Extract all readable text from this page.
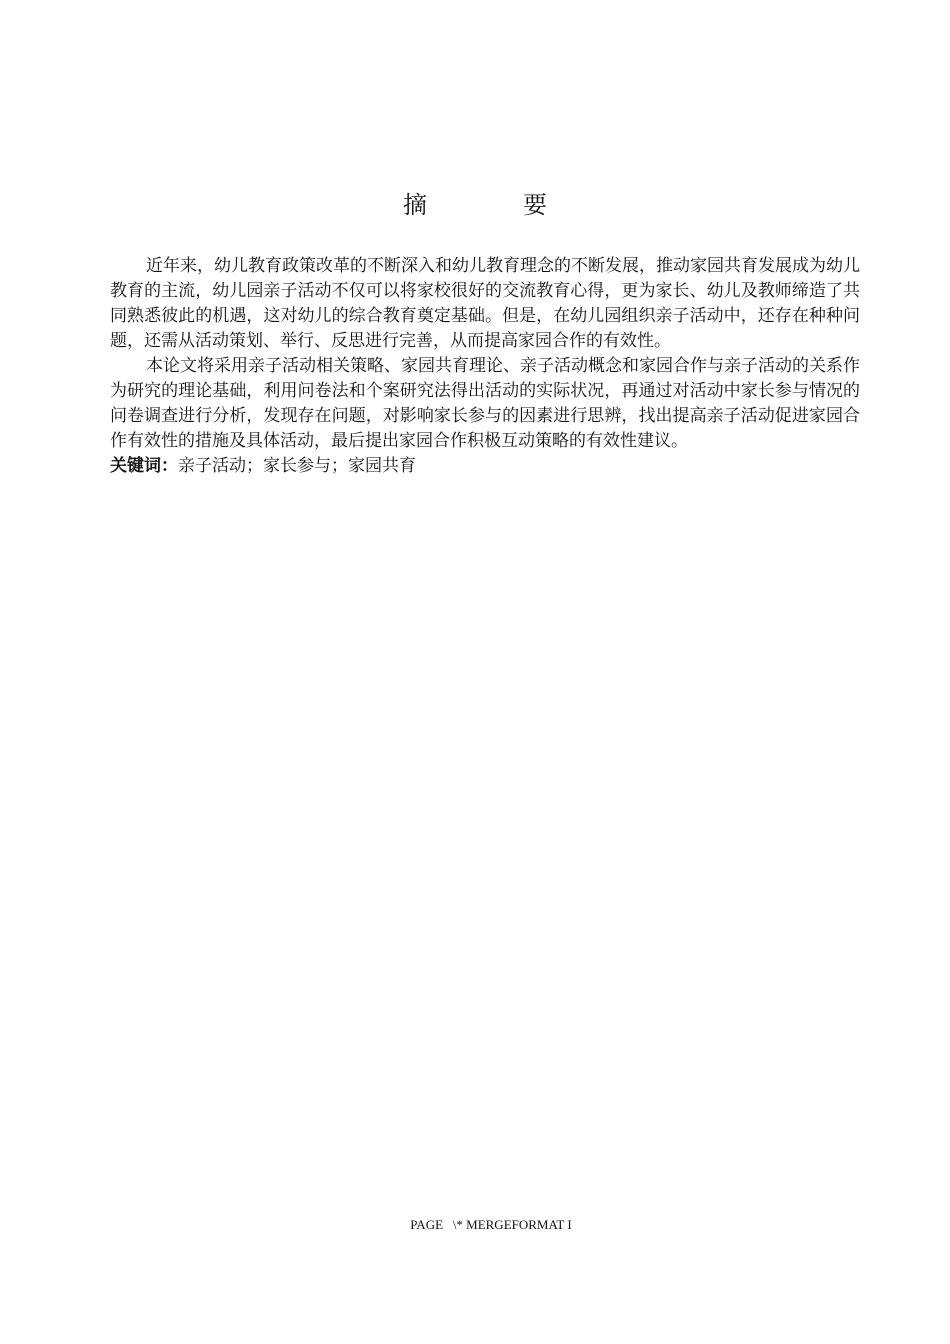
摘　要

近年来，幼儿教育政策改革的不断深入和幼儿教育理念的不断发展，推动家园共育发展成为幼儿教育的主流，幼儿园亲子活动不仅可以将家校很好的交流教育心得，更为家长、幼儿及教师缔造了共同熟悉彼此的机遇，这对幼儿的综合教育奠定基础。但是，在幼儿园组织亲子活动中，还存在种种问题，还需从活动策划、举行、反思进行完善，从而提高家园合作的有效性。

本论文将采用亲子活动相关策略、家园共育理论、亲子活动概念和家园合作与亲子活动的关系作为研究的理论基础，利用问卷法和个案研究法得出活动的实际状况，再通过对活动中家长参与情况的问卷调查进行分析，发现存在问题，对影响家长参与的因素进行思辨，找出提高亲子活动促进家园合作有效性的措施及具体活动，最后提出家园合作积极互动策略的有效性建议。

关键词：亲子活动；家长参与；家园共育

PAGE   \* MERGEFORMAT I
